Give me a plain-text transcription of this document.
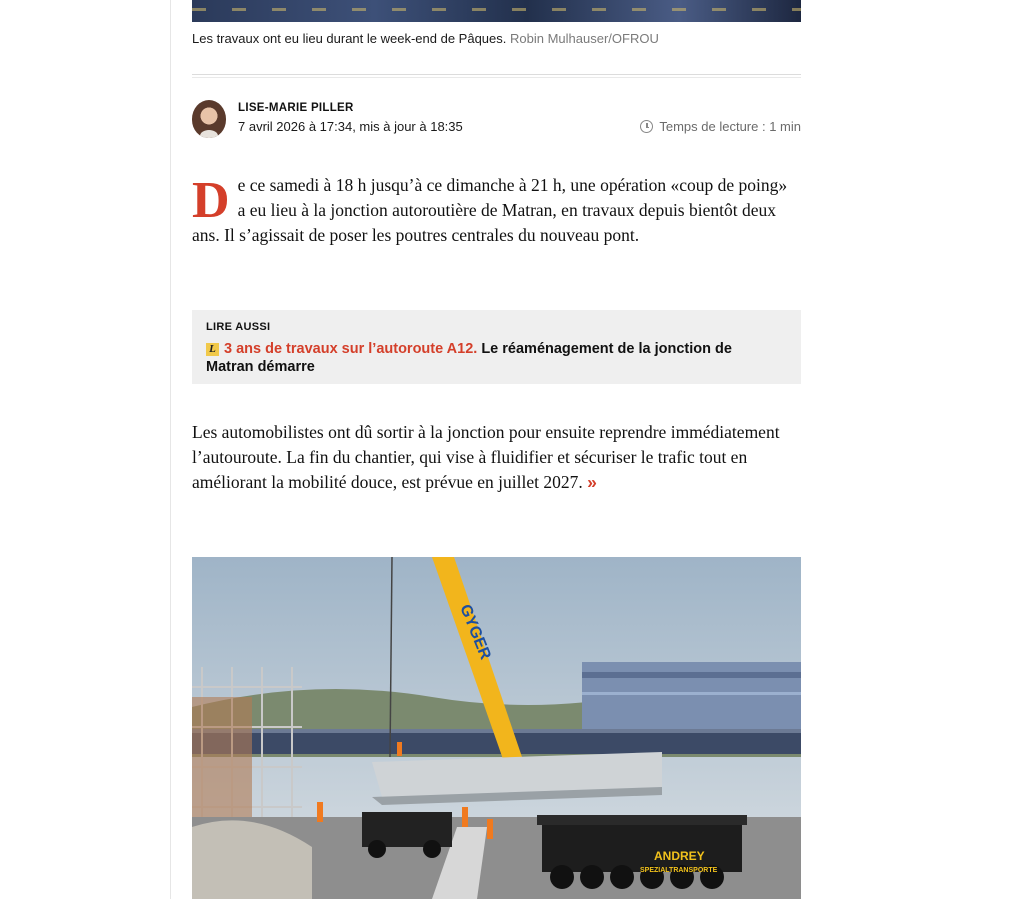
Les travaux ont eu lieu durant le week-end de Pâques. Robin Mulhauser/OFROU
LISE-MARIE PILLER
7 avril 2026 à 17:34, mis à jour à 18:35	Temps de lecture : 1 min
D e ce samedi à 18 h jusqu’à ce dimanche à 21 h, une opération «coup de poing» a eu lieu à la jonction autoroutière de Matran, en travaux depuis bientôt deux ans. Il s’agissait de poser les poutres centrales du nouveau pont.
LIRE AUSSI
L 3 ans de travaux sur l’autoroute A12. Le réaménagement de la jonction de Matran démarre
Les automobilistes ont dû sortir à la jonction pour ensuite reprendre immédiatement l’autouroute. La fin du chantier, qui vise à fluidifier et sécuriser le trafic tout en améliorant la mobilité douce, est prévue en juillet 2027. »
GYGER
ANDREY
SPEZIALTRANSPORTE
